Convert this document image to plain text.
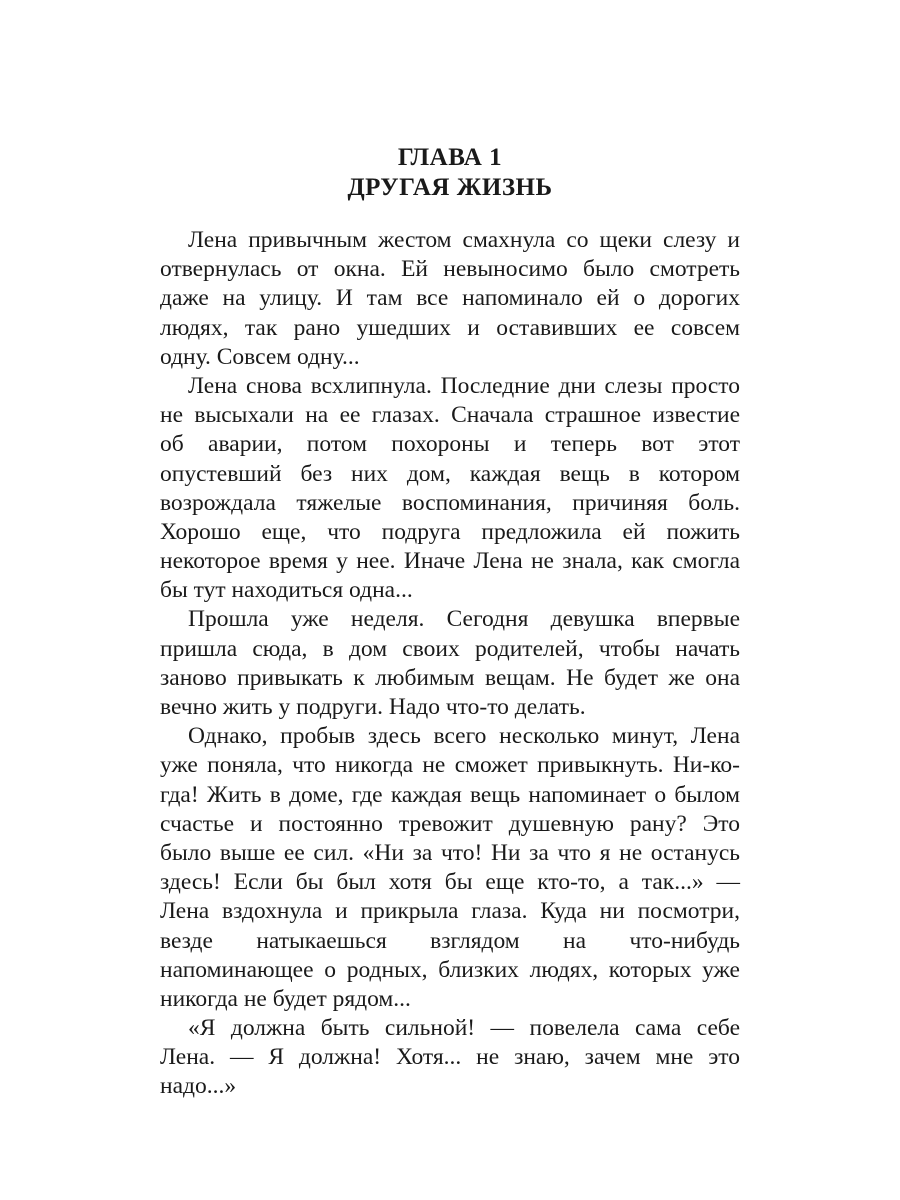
ГЛАВА 1
ДРУГАЯ ЖИЗНЬ
Лена привычным жестом смахнула со щеки слезу и
отвернулась от окна. Ей невыносимо было смотреть
даже на улицу. И там все напоминало ей о дорогих
людях, так рано ушедших и оставивших ее совсем
одну. Совсем одну...
Лена снова всхлипнула. Последние дни слезы просто
не высыхали на ее глазах. Сначала страшное известие
об аварии, потом похороны и теперь вот этот
опустевший без них дом, каждая вещь в котором
возрождала тяжелые воспоминания, причиняя боль.
Хорошо еще, что подруга предложила ей пожить
некоторое время у нее. Иначе Лена не знала, как смогла
бы тут находиться одна...
Прошла уже неделя. Сегодня девушка впервые
пришла сюда, в дом своих родителей, чтобы начать
заново привыкать к любимым вещам. Не будет же она
вечно жить у подруги. Надо что-то делать.
Однако, пробыв здесь всего несколько минут, Лена
уже поняла, что никогда не сможет привыкнуть. Ни-ко-
гда! Жить в доме, где каждая вещь напоминает о былом
счастье и постоянно тревожит душевную рану? Это
было выше ее сил. «Ни за что! Ни за что я не останусь
здесь! Если бы был хотя бы еще кто-то, а так...» —
Лена вздохнула и прикрыла глаза. Куда ни посмотри,
везде натыкаешься взглядом на что-нибудь
напоминающее о родных, близких людях, которых уже
никогда не будет рядом...
«Я должна быть сильной! — повелела сама себе
Лена. — Я должна! Хотя... не знаю, зачем мне это
надо...»
